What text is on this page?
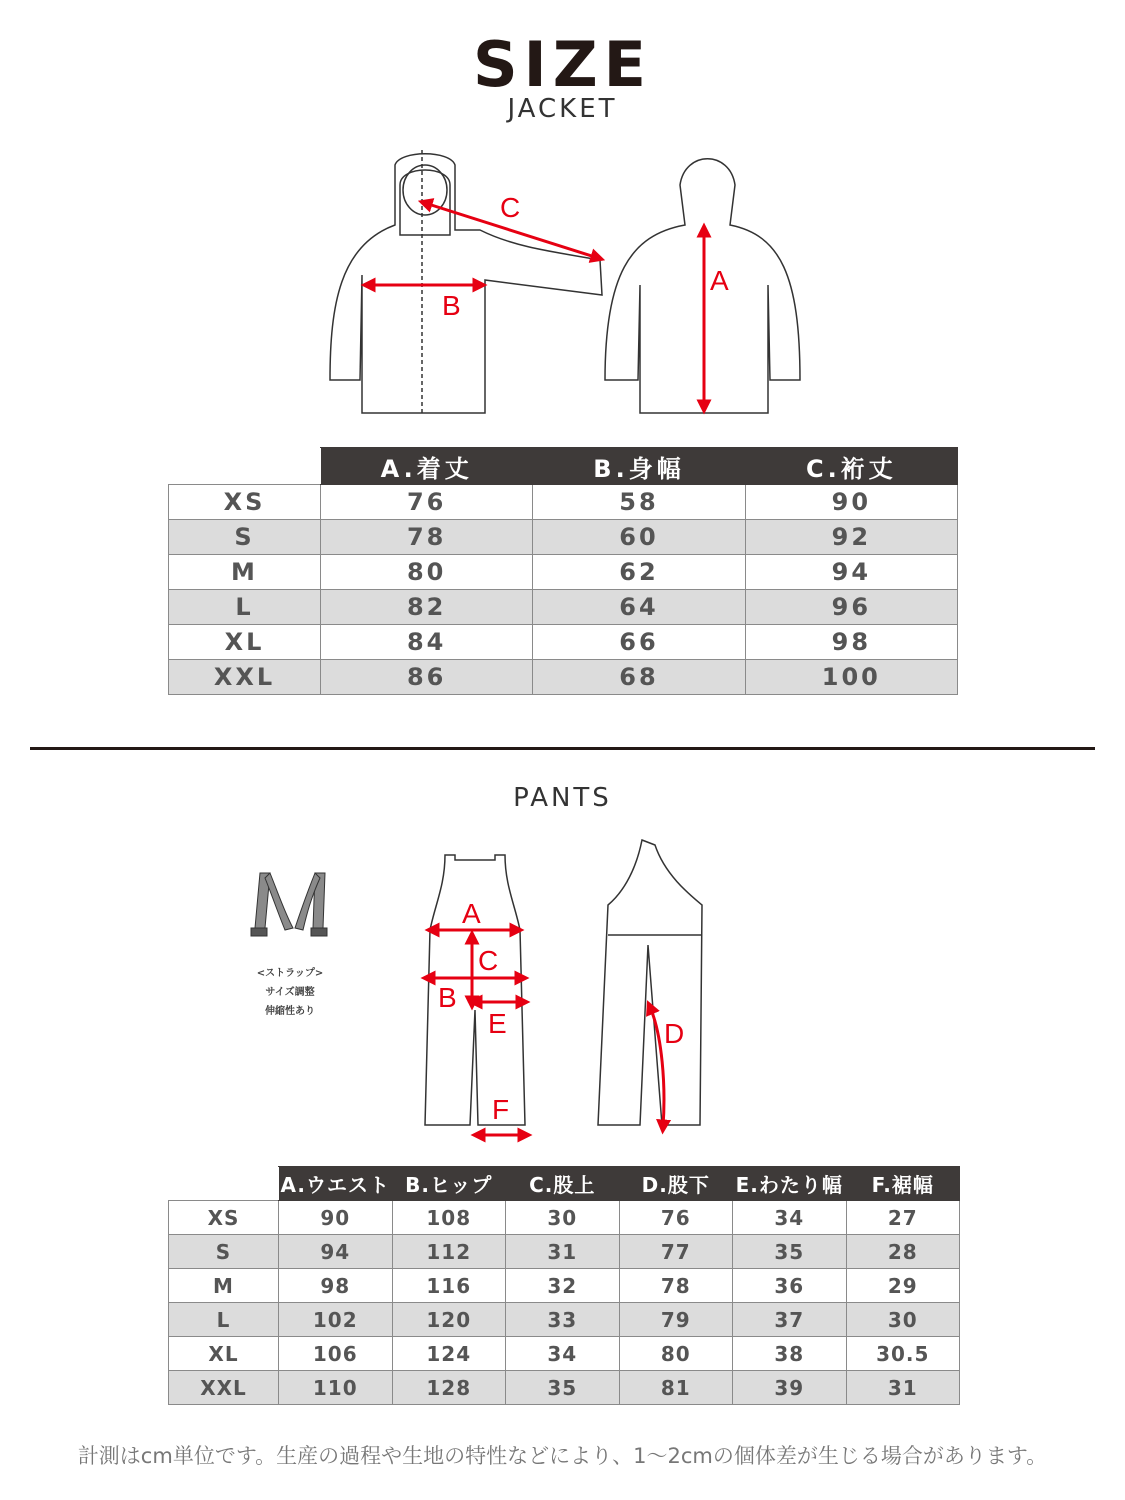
SIZE
JACKET
C
B
A
	A.着丈	B.身幅	C.裄丈
XS	76	58	90
S	78	60	92
M	80	62	94
L	82	64	96
XL	84	66	98
XXL	86	68	100
PANTS
<ストラップ>
サイズ調整
伸縮性あり
A
C
B
E	D
F
	A.ウエスト	B.ヒップ	C.股上	D.股下	E.わたり幅	F.裾幅
XS	90	108	30	76	34	27
S	94	112	31	77	35	28
M	98	116	32	78	36	29
L	102	120	33	79	37	30
XL	106	124	34	80	38	30.5
XXL	110	128	35	81	39	31
計測はcm単位です。生産の過程や生地の特性などにより、1～2cmの個体差が生じる場合があります。
